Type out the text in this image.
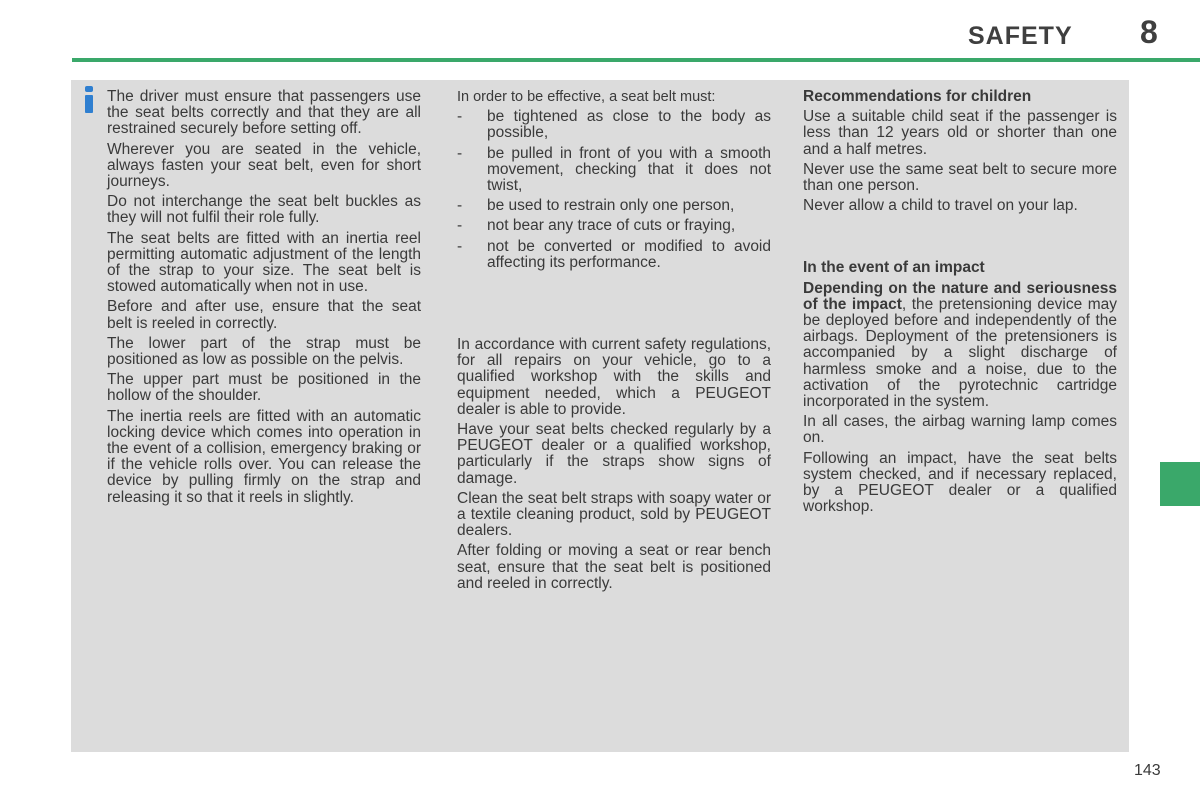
SAFETY 8

The driver must ensure that passengers use the seat belts correctly and that they are all restrained securely before setting off.

Wherever you are seated in the vehicle, always fasten your seat belt, even for short journeys.

Do not interchange the seat belt buckles as they will not fulfil their role fully.

The seat belts are fitted with an inertia reel permitting automatic adjustment of the length of the strap to your size. The seat belt is stowed automatically when not in use.

Before and after use, ensure that the seat belt is reeled in correctly.

The lower part of the strap must be positioned as low as possible on the pelvis.

The upper part must be positioned in the hollow of the shoulder.

The inertia reels are fitted with an automatic locking device which comes into operation in the event of a collision, emergency braking or if the vehicle rolls over. You can release the device by pulling firmly on the strap and releasing it so that it reels in slightly.

In order to be effective, a seat belt must:

- be tightened as close to the body as possible,
- be pulled in front of you with a smooth movement, checking that it does not twist,
- be used to restrain only one person,
- not bear any trace of cuts or fraying,
- not be converted or modified to avoid affecting its performance.

In accordance with current safety regulations, for all repairs on your vehicle, go to a qualified workshop with the skills and equipment needed, which a PEUGEOT dealer is able to provide.

Have your seat belts checked regularly by a PEUGEOT dealer or a qualified workshop, particularly if the straps show signs of damage.

Clean the seat belt straps with soapy water or a textile cleaning product, sold by PEUGEOT dealers.

After folding or moving a seat or rear bench seat, ensure that the seat belt is positioned and reeled in correctly.

Recommendations for children

Use a suitable child seat if the passenger is less than 12 years old or shorter than one and a half metres.

Never use the same seat belt to secure more than one person.

Never allow a child to travel on your lap.

In the event of an impact

Depending on the nature and seriousness of the impact, the pretensioning device may be deployed before and independently of the airbags. Deployment of the pretensioners is accompanied by a slight discharge of harmless smoke and a noise, due to the activation of the pyrotechnic cartridge incorporated in the system.

In all cases, the airbag warning lamp comes on.

Following an impact, have the seat belts system checked, and if necessary replaced, by a PEUGEOT dealer or a qualified workshop.

143
